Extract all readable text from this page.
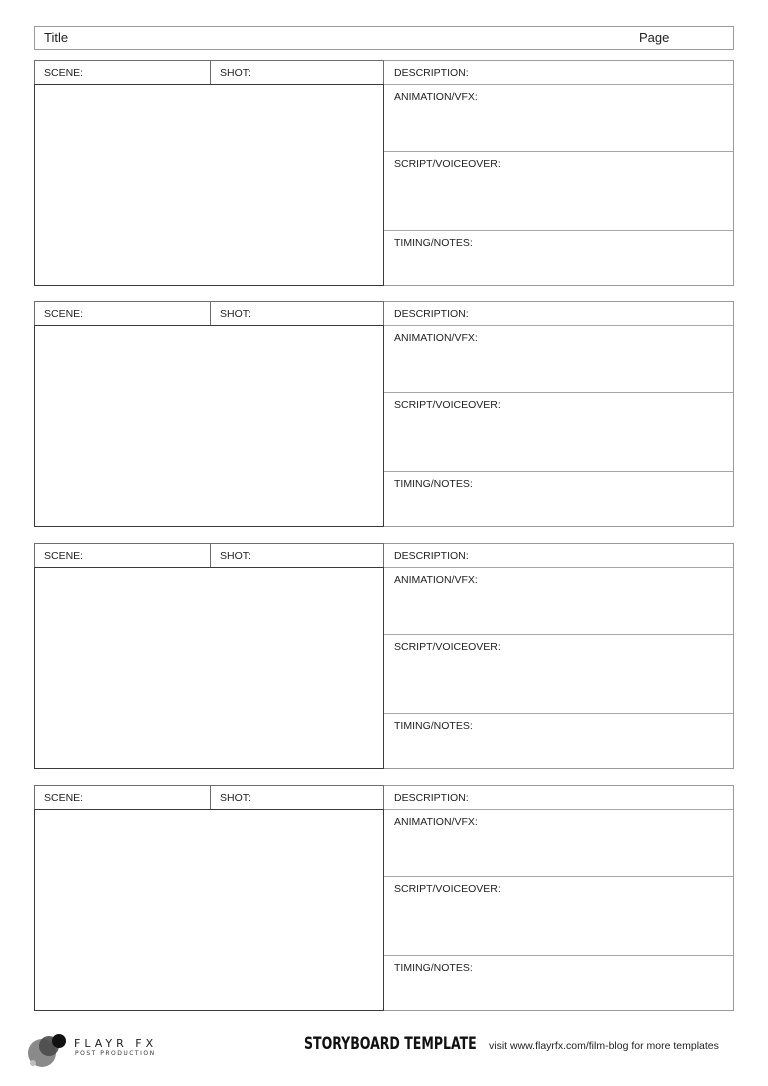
Title	Page
SCENE:	SHOT:	DESCRIPTION:
ANIMATION/VFX:
SCRIPT/VOICEOVER:
TIMING/NOTES:
SCENE:	SHOT:	DESCRIPTION:
ANIMATION/VFX:
SCRIPT/VOICEOVER:
TIMING/NOTES:
SCENE:	SHOT:	DESCRIPTION:
ANIMATION/VFX:
SCRIPT/VOICEOVER:
TIMING/NOTES:
SCENE:	SHOT:	DESCRIPTION:
ANIMATION/VFX:
SCRIPT/VOICEOVER:
TIMING/NOTES:
FLAYR FX
POST PRODUCTION	STORYBOARD TEMPLATE visit www.flayrfx.com/film-blog for more templates
